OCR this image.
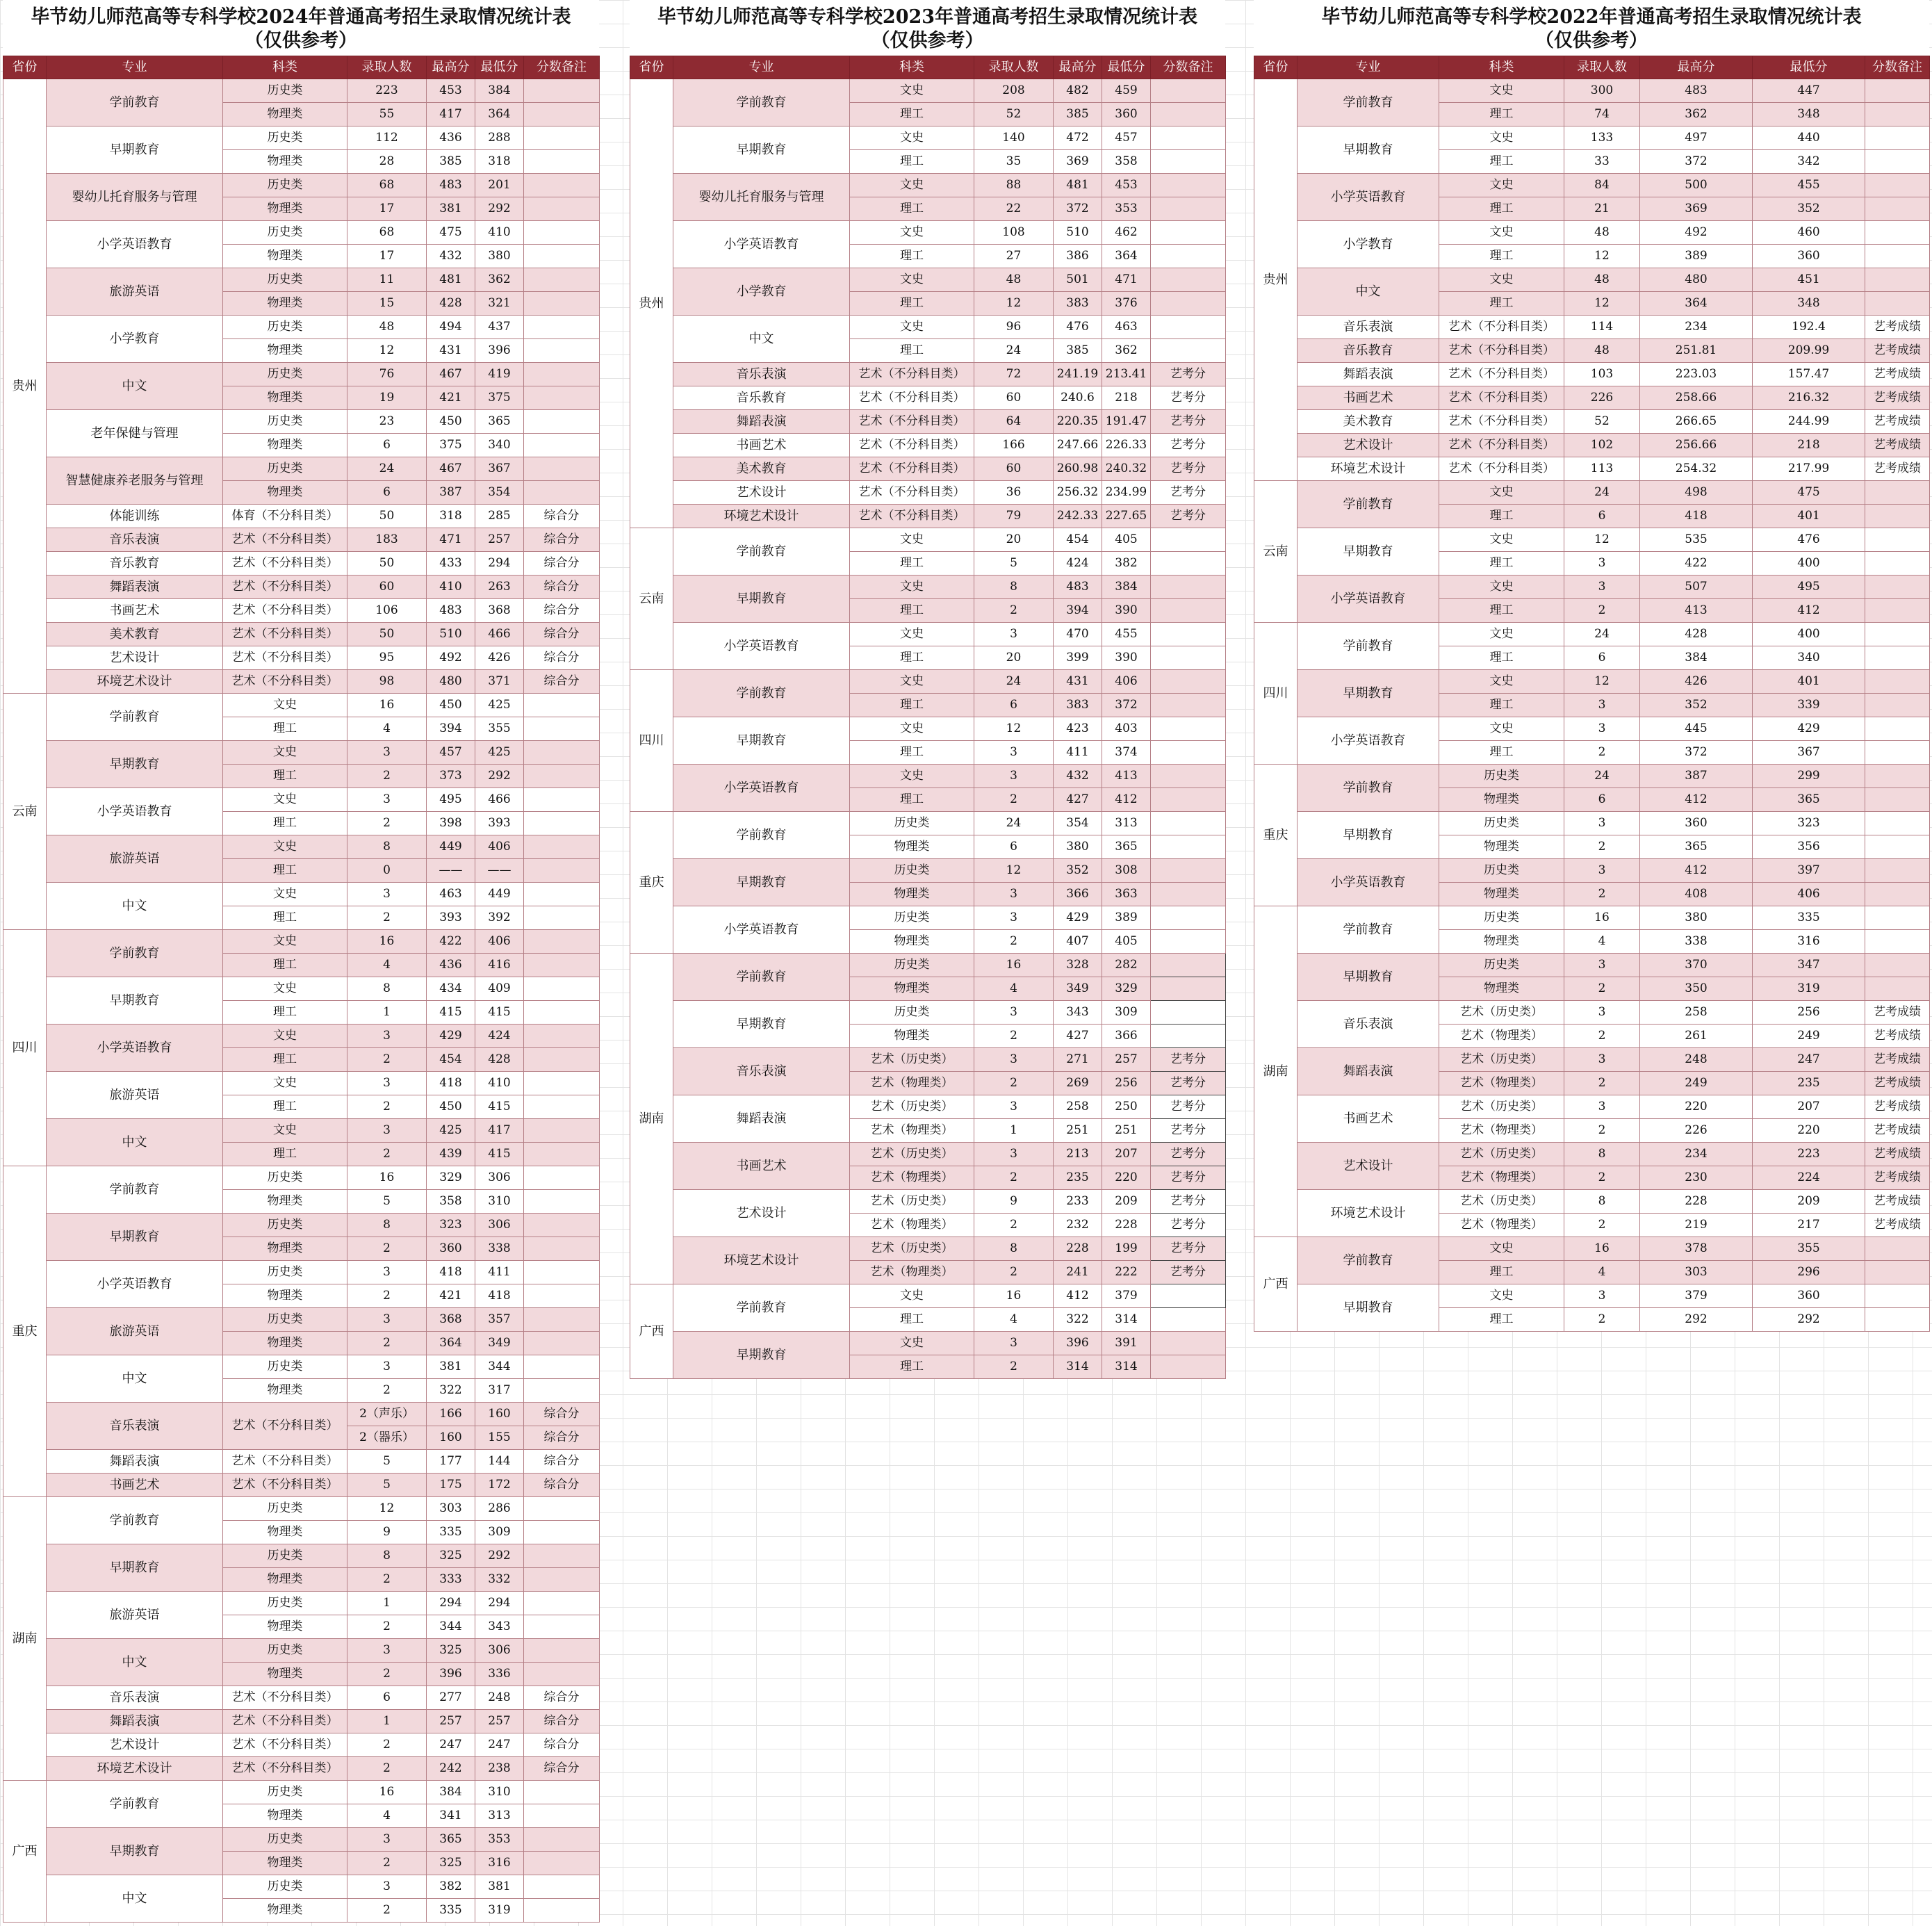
毕节幼儿师范高等专科学校2024年普通高考招生录取情况统计表
（仅供参考）
省份	专业	科类	录取人数	最高分	最低分	分数备注
贵州	学前教育	历史类	223	453	384	
		物理类	55	417	364	
	早期教育	历史类	112	436	288	
		物理类	28	385	318	
	婴幼儿托育服务与管理	历史类	68	483	201	
		物理类	17	381	292	
	小学英语教育	历史类	68	475	410	
		物理类	17	432	380	
	旅游英语	历史类	11	481	362	
		物理类	15	428	321	
	小学教育	历史类	48	494	437	
		物理类	12	431	396	
	中文	历史类	76	467	419	
		物理类	19	421	375	
	老年保健与管理	历史类	23	450	365	
		物理类	6	375	340	
	智慧健康养老服务与管理	历史类	24	467	367	
		物理类	6	387	354	
	体能训练	体育（不分科目类）	50	318	285	综合分
	音乐表演	艺术（不分科目类）	183	471	257	综合分
	音乐教育	艺术（不分科目类）	50	433	294	综合分
	舞蹈表演	艺术（不分科目类）	60	410	263	综合分
	书画艺术	艺术（不分科目类）	106	483	368	综合分
	美术教育	艺术（不分科目类）	50	510	466	综合分
	艺术设计	艺术（不分科目类）	95	492	426	综合分
	环境艺术设计	艺术（不分科目类）	98	480	371	综合分
云南	学前教育	文史	16	450	425	
		理工	4	394	355	
	早期教育	文史	3	457	425	
		理工	2	373	292	
	小学英语教育	文史	3	495	466	
		理工	2	398	393	
	旅游英语	文史	8	449	406	
		理工	0	——	——	
	中文	文史	3	463	449	
		理工	2	393	392	
四川	学前教育	文史	16	422	406	
		理工	4	436	416	
	早期教育	文史	8	434	409	
		理工	1	415	415	
	小学英语教育	文史	3	429	424	
		理工	2	454	428	
	旅游英语	文史	3	418	410	
		理工	2	450	415	
	中文	文史	3	425	417	
		理工	2	439	415	
重庆	学前教育	历史类	16	329	306	
		物理类	5	358	310	
	早期教育	历史类	8	323	306	
		物理类	2	360	338	
	小学英语教育	历史类	3	418	411	
		物理类	2	421	418	
	旅游英语	历史类	3	368	357	
		物理类	2	364	349	
	中文	历史类	3	381	344	
		物理类	2	322	317	
	音乐表演	艺术（不分科目类）	2（声乐）	166	160	综合分
			2（器乐）	160	155	综合分
	舞蹈表演	艺术（不分科目类）	5	177	144	综合分
	书画艺术	艺术（不分科目类）	5	175	172	综合分
湖南	学前教育	历史类	12	303	286	
		物理类	9	335	309	
	早期教育	历史类	8	325	292	
		物理类	2	333	332	
	旅游英语	历史类	1	294	294	
		物理类	2	344	343	
	中文	历史类	3	325	306	
		物理类	2	396	336	
	音乐表演	艺术（不分科目类）	6	277	248	综合分
	舞蹈表演	艺术（不分科目类）	1	257	257	综合分
	艺术设计	艺术（不分科目类）	2	247	247	综合分
	环境艺术设计	艺术（不分科目类）	2	242	238	综合分
广西	学前教育	历史类	16	384	310	
		物理类	4	341	313	
	早期教育	历史类	3	365	353	
		物理类	2	325	316	
	中文	历史类	3	382	381	
		物理类	2	335	319	
毕节幼儿师范高等专科学校2023年普通高考招生录取情况统计表
（仅供参考）
省份	专业	科类	录取人数	最高分	最低分	分数备注
贵州	学前教育	文史	208	482	459	
		理工	52	385	360	
	早期教育	文史	140	472	457	
		理工	35	369	358	
	婴幼儿托育服务与管理	文史	88	481	453	
		理工	22	372	353	
	小学英语教育	文史	108	510	462	
		理工	27	386	364	
	小学教育	文史	48	501	471	
		理工	12	383	376	
	中文	文史	96	476	463	
		理工	24	385	362	
	音乐表演	艺术（不分科目类）	72	241.19	213.41	艺考分
	音乐教育	艺术（不分科目类）	60	240.6	218	艺考分
	舞蹈表演	艺术（不分科目类）	64	220.35	191.47	艺考分
	书画艺术	艺术（不分科目类）	166	247.66	226.33	艺考分
	美术教育	艺术（不分科目类）	60	260.98	240.32	艺考分
	艺术设计	艺术（不分科目类）	36	256.32	234.99	艺考分
	环境艺术设计	艺术（不分科目类）	79	242.33	227.65	艺考分
云南	学前教育	文史	20	454	405	
		理工	5	424	382	
	早期教育	文史	8	483	384	
		理工	2	394	390	
	小学英语教育	文史	3	470	455	
		理工	20	399	390	
四川	学前教育	文史	24	431	406	
		理工	6	383	372	
	早期教育	文史	12	423	403	
		理工	3	411	374	
	小学英语教育	文史	3	432	413	
		理工	2	427	412	
重庆	学前教育	历史类	24	354	313	
		物理类	6	380	365	
	早期教育	历史类	12	352	308	
		物理类	3	366	363	
	小学英语教育	历史类	3	429	389	
		物理类	2	407	405	
湖南	学前教育	历史类	16	328	282	
		物理类	4	349	329	
	早期教育	历史类	3	343	309	
		物理类	2	427	366	
	音乐表演	艺术（历史类）	3	271	257	艺考分
		艺术（物理类）	2	269	256	艺考分
	舞蹈表演	艺术（历史类）	3	258	250	艺考分
		艺术（物理类）	1	251	251	艺考分
	书画艺术	艺术（历史类）	3	213	207	艺考分
		艺术（物理类）	2	235	220	艺考分
	艺术设计	艺术（历史类）	9	233	209	艺考分
		艺术（物理类）	2	232	228	艺考分
	环境艺术设计	艺术（历史类）	8	228	199	艺考分
		艺术（物理类）	2	241	222	艺考分
广西	学前教育	文史	16	412	379	
		理工	4	322	314	
	早期教育	文史	3	396	391	
		理工	2	314	314	
毕节幼儿师范高等专科学校2022年普通高考招生录取情况统计表
（仅供参考）
省份	专业	科类	录取人数	最高分	最低分	分数备注
贵州	学前教育	文史	300	483	447	
		理工	74	362	348	
	早期教育	文史	133	497	440	
		理工	33	372	342	
	小学英语教育	文史	84	500	455	
		理工	21	369	352	
	小学教育	文史	48	492	460	
		理工	12	389	360	
	中文	文史	48	480	451	
		理工	12	364	348	
	音乐表演	艺术（不分科目类）	114	234	192.4	艺考成绩
	音乐教育	艺术（不分科目类）	48	251.81	209.99	艺考成绩
	舞蹈表演	艺术（不分科目类）	103	223.03	157.47	艺考成绩
	书画艺术	艺术（不分科目类）	226	258.66	216.32	艺考成绩
	美术教育	艺术（不分科目类）	52	266.65	244.99	艺考成绩
	艺术设计	艺术（不分科目类）	102	256.66	218	艺考成绩
	环境艺术设计	艺术（不分科目类）	113	254.32	217.99	艺考成绩
云南	学前教育	文史	24	498	475	
		理工	6	418	401	
	早期教育	文史	12	535	476	
		理工	3	422	400	
	小学英语教育	文史	3	507	495	
		理工	2	413	412	
四川	学前教育	文史	24	428	400	
		理工	6	384	340	
	早期教育	文史	12	426	401	
		理工	3	352	339	
	小学英语教育	文史	3	445	429	
		理工	2	372	367	
重庆	学前教育	历史类	24	387	299	
		物理类	6	412	365	
	早期教育	历史类	3	360	323	
		物理类	2	365	356	
	小学英语教育	历史类	3	412	397	
		物理类	2	408	406	
湖南	学前教育	历史类	16	380	335	
		物理类	4	338	316	
	早期教育	历史类	3	370	347	
		物理类	2	350	319	
	音乐表演	艺术（历史类）	3	258	256	艺考成绩
		艺术（物理类）	2	261	249	艺考成绩
	舞蹈表演	艺术（历史类）	3	248	247	艺考成绩
		艺术（物理类）	2	249	235	艺考成绩
	书画艺术	艺术（历史类）	3	220	207	艺考成绩
		艺术（物理类）	2	226	220	艺考成绩
	艺术设计	艺术（历史类）	8	234	223	艺考成绩
		艺术（物理类）	2	230	224	艺考成绩
	环境艺术设计	艺术（历史类）	8	228	209	艺考成绩
		艺术（物理类）	2	219	217	艺考成绩
广西	学前教育	文史	16	378	355	
		理工	4	303	296	
	早期教育	文史	3	379	360	
		理工	2	292	292	
